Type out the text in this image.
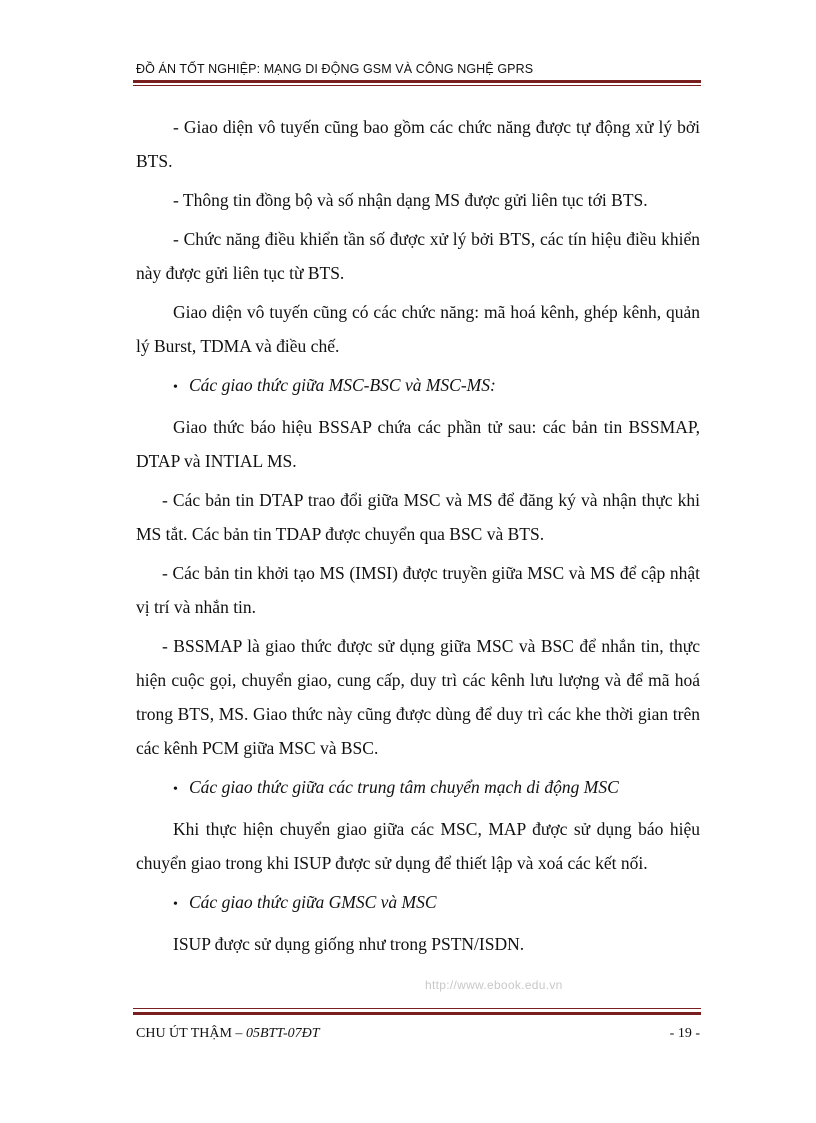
ĐỒ ÁN TỐT NGHIỆP: MẠNG DI ĐỘNG GSM VÀ CÔNG NGHỆ GPRS

- Giao diện vô tuyến cũng bao gồm các chức năng được tự động xử lý bởi BTS.

- Thông tin đồng bộ và số nhận dạng MS được gửi liên tục tới BTS.

- Chức năng điều khiển tần số được xử lý bởi BTS, các tín hiệu điều khiển này được gửi liên tục từ BTS.

Giao diện vô tuyến cũng có các chức năng: mã hoá kênh, ghép kênh, quản lý Burst, TDMA và điều chế.

• Các giao thức giữa MSC-BSC và MSC-MS:

Giao thức báo hiệu BSSAP chứa các phần tử sau: các bản tin BSSMAP, DTAP và INTIAL MS.

- Các bản tin DTAP trao đổi giữa MSC và MS để đăng ký và nhận thực khi MS tắt. Các bản tin TDAP được chuyển qua BSC và BTS.

- Các bản tin khởi tạo MS (IMSI) được truyền giữa MSC và MS để cập nhật vị trí và nhắn tin.

- BSSMAP là giao thức được sử dụng giữa MSC và BSC để nhắn tin, thực hiện cuộc gọi, chuyển giao, cung cấp, duy trì các kênh lưu lượng và để mã hoá trong BTS, MS. Giao thức này cũng được dùng để duy trì các khe thời gian trên các kênh PCM giữa MSC và BSC.

• Các giao thức giữa các trung tâm chuyển mạch di động MSC

Khi thực hiện chuyển giao giữa các MSC, MAP được sử dụng báo hiệu chuyển giao trong khi ISUP được sử dụng để thiết lập và xoá các kết nối.

• Các giao thức giữa GMSC và MSC

ISUP được sử dụng giống như trong PSTN/ISDN.

http://www.ebook.edu.vn
CHU ÚT THẬM – 05BTT-07ĐT	- 19 -
